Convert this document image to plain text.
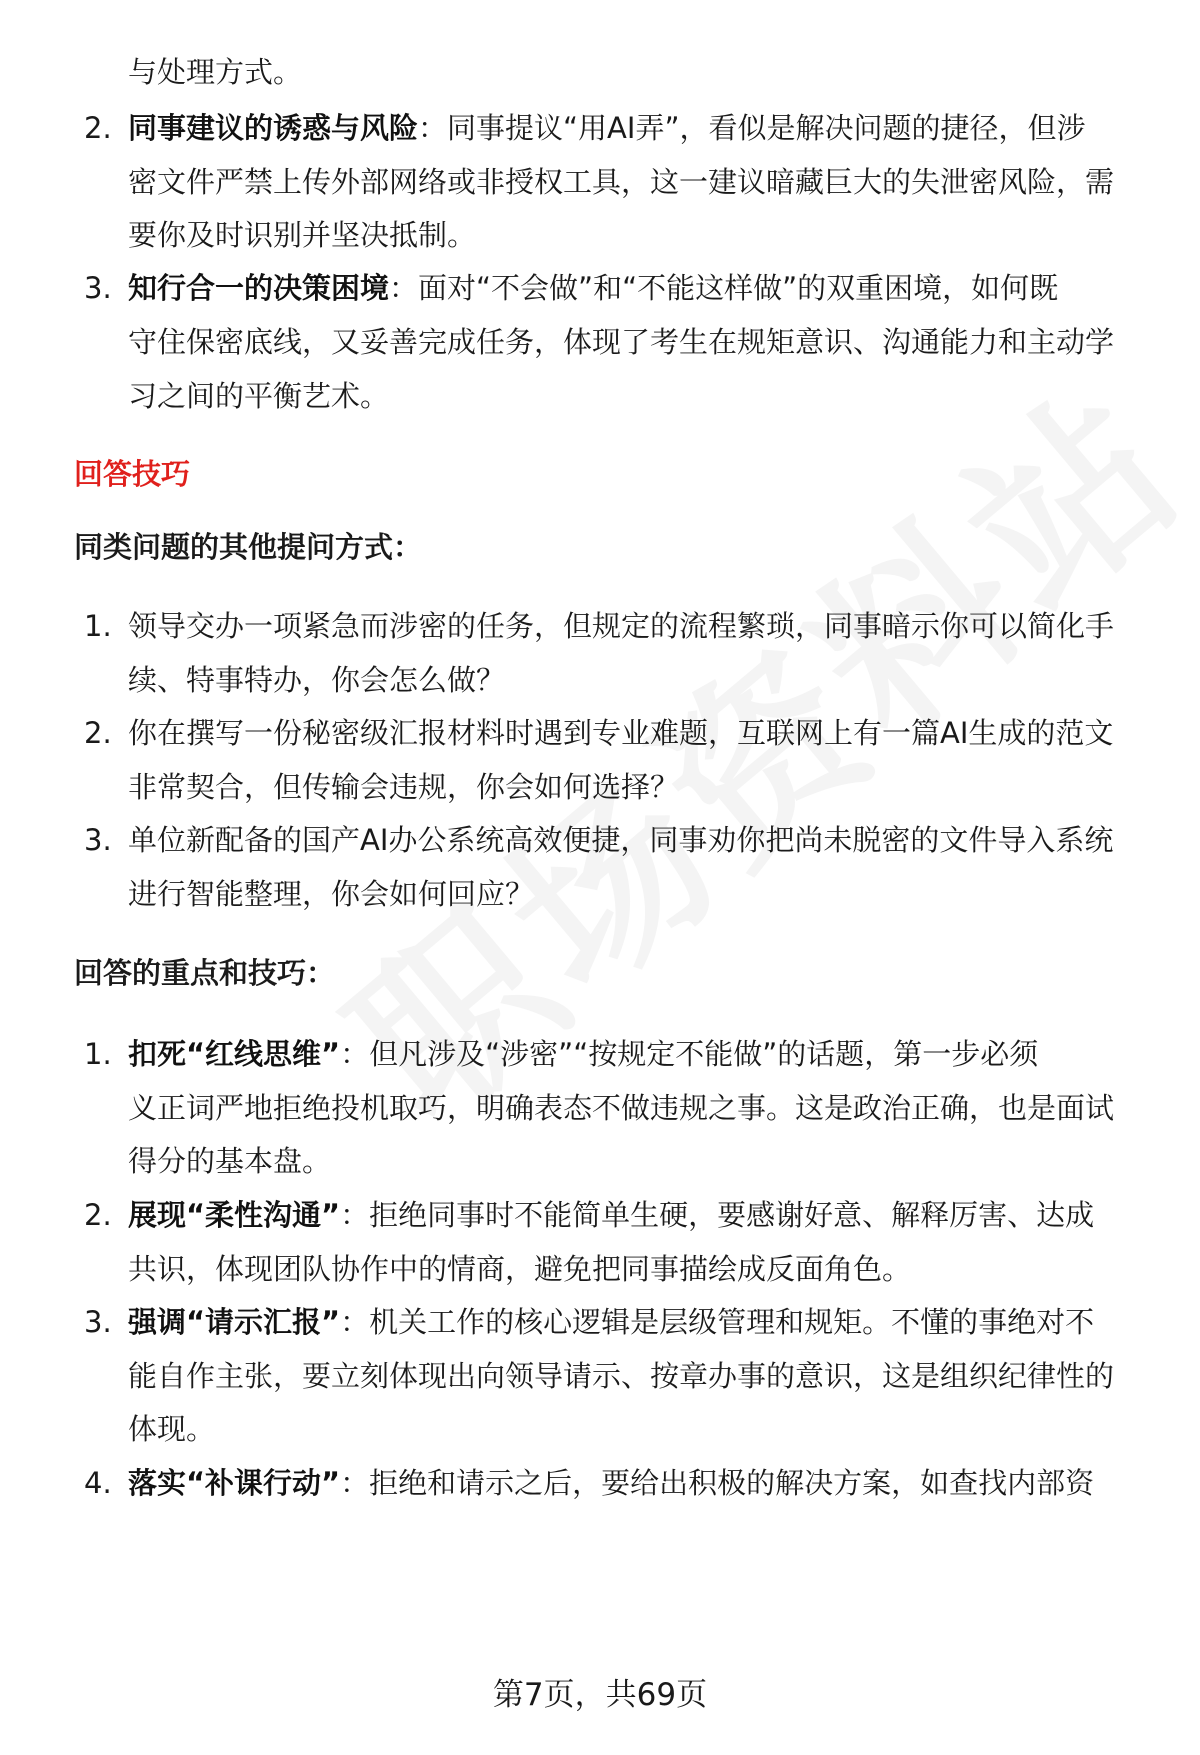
与处理方式。
2. 同事建议的诱惑与风险：同事提议“用AI弄”，看似是解决问题的捷径，但涉
密文件严禁上传外部网络或非授权工具，这一建议暗藏巨大的失泄密风险，需
要你及时识别并坚决抵制。
3. 知行合一的决策困境：面对“不会做”和“不能这样做”的双重困境，如何既
守住保密底线，又妥善完成任务，体现了考生在规矩意识、沟通能力和主动学
习之间的平衡艺术。
回答技巧
同类问题的其他提问方式：
1. 领导交办一项紧急而涉密的任务，但规定的流程繁琐，同事暗示你可以简化手
续、特事特办，你会怎么做？
2. 你在撰写一份秘密级汇报材料时遇到专业难题，互联网上有一篇AI生成的范文
非常契合，但传输会违规，你会如何选择？
3. 单位新配备的国产AI办公系统高效便捷，同事劝你把尚未脱密的文件导入系统
进行智能整理，你会如何回应？
回答的重点和技巧：
1. 扣死“红线思维”：但凡涉及“涉密”“按规定不能做”的话题，第一步必须
义正词严地拒绝投机取巧，明确表态不做违规之事。这是政治正确，也是面试
得分的基本盘。
2. 展现“柔性沟通”：拒绝同事时不能简单生硬，要感谢好意、解释厉害、达成
共识，体现团队协作中的情商，避免把同事描绘成反面角色。
3. 强调“请示汇报”：机关工作的核心逻辑是层级管理和规矩。不懂的事绝对不
能自作主张，要立刻体现出向领导请示、按章办事的意识，这是组织纪律性的
体现。
4. 落实“补课行动”：拒绝和请示之后，要给出积极的解决方案，如查找内部资
第7页，共69页
